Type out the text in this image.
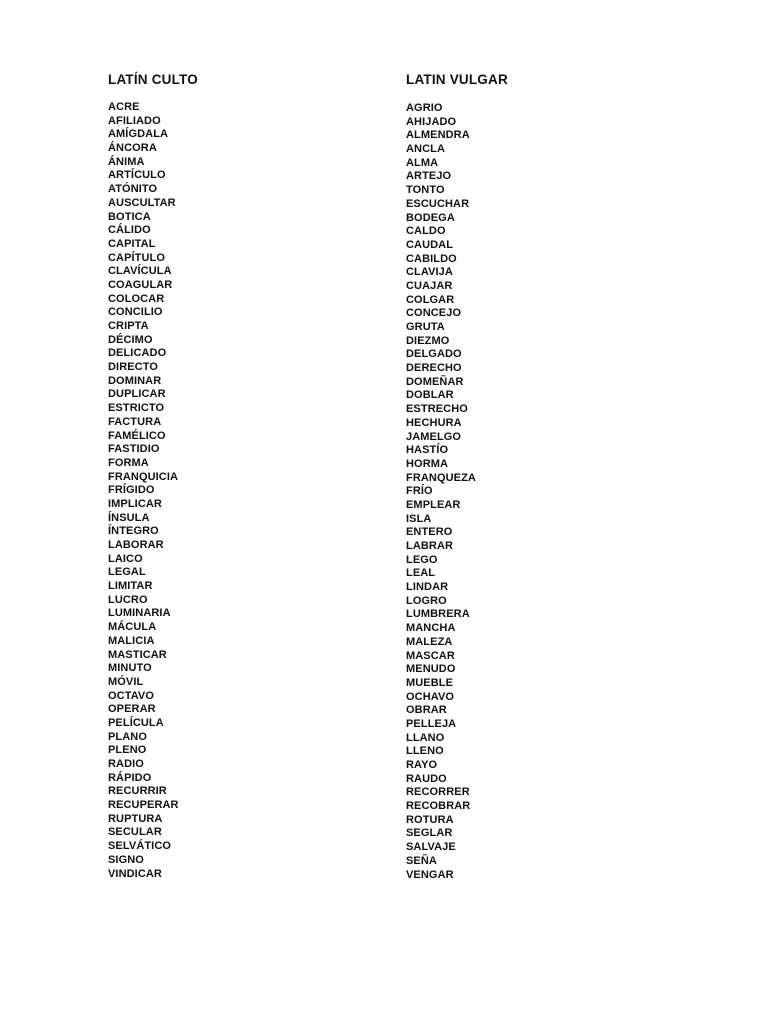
LATÍN CULTO
ACRE
AFILIADO
AMÍGDALA
ÁNCORA
ÁNIMA
ARTÍCULO
ATÓNITO
AUSCULTAR
BOTICA
CÁLIDO
CAPITAL
CAPÍTULO
CLAVÍCULA
COAGULAR
COLOCAR
CONCILIO
CRIPTA
DÉCIMO
DELICADO
DIRECTO
DOMINAR
DUPLICAR
ESTRICTO
FACTURA
FAMÉLICO
FASTIDIO
FORMA
FRANQUICIA
FRÍGIDO
IMPLICAR
ÍNSULA
ÍNTEGRO
LABORAR
LAICO
LEGAL
LIMITAR
LUCRO
LUMINARIA
MÁCULA
MALICIA
MASTICAR
MINUTO
MÓVIL
OCTAVO
OPERAR
PELÍCULA
PLANO
PLENO
RADIO
RÁPIDO
RECURRIR
RECUPERAR
RUPTURA
SECULAR
SELVÁTICO
SIGNO
VINDICAR
LATIN VULGAR
AGRIO
AHIJADO
ALMENDRA
ANCLA
ALMA
ARTEJO
TONTO
ESCUCHAR
BODEGA
CALDO
CAUDAL
CABILDO
CLAVIJA
CUAJAR
COLGAR
CONCEJO
GRUTA
DIEZMO
DELGADO
DERECHO
DOMEÑAR
DOBLAR
ESTRECHO
HECHURA
JAMELGO
HASTÍO
HORMA
FRANQUEZA
FRÍO
EMPLEAR
ISLA
ENTERO
LABRAR
LEGO
LEAL
LINDAR
LOGRO
LUMBRERA
MANCHA
MALEZA
MASCAR
MENUDO
MUEBLE
OCHAVO
OBRAR
PELLEJA
LLANO
LLENO
RAYO
RAUDO
RECORRER
RECOBRAR
ROTURA
SEGLAR
SALVAJE
SEÑA
VENGAR
